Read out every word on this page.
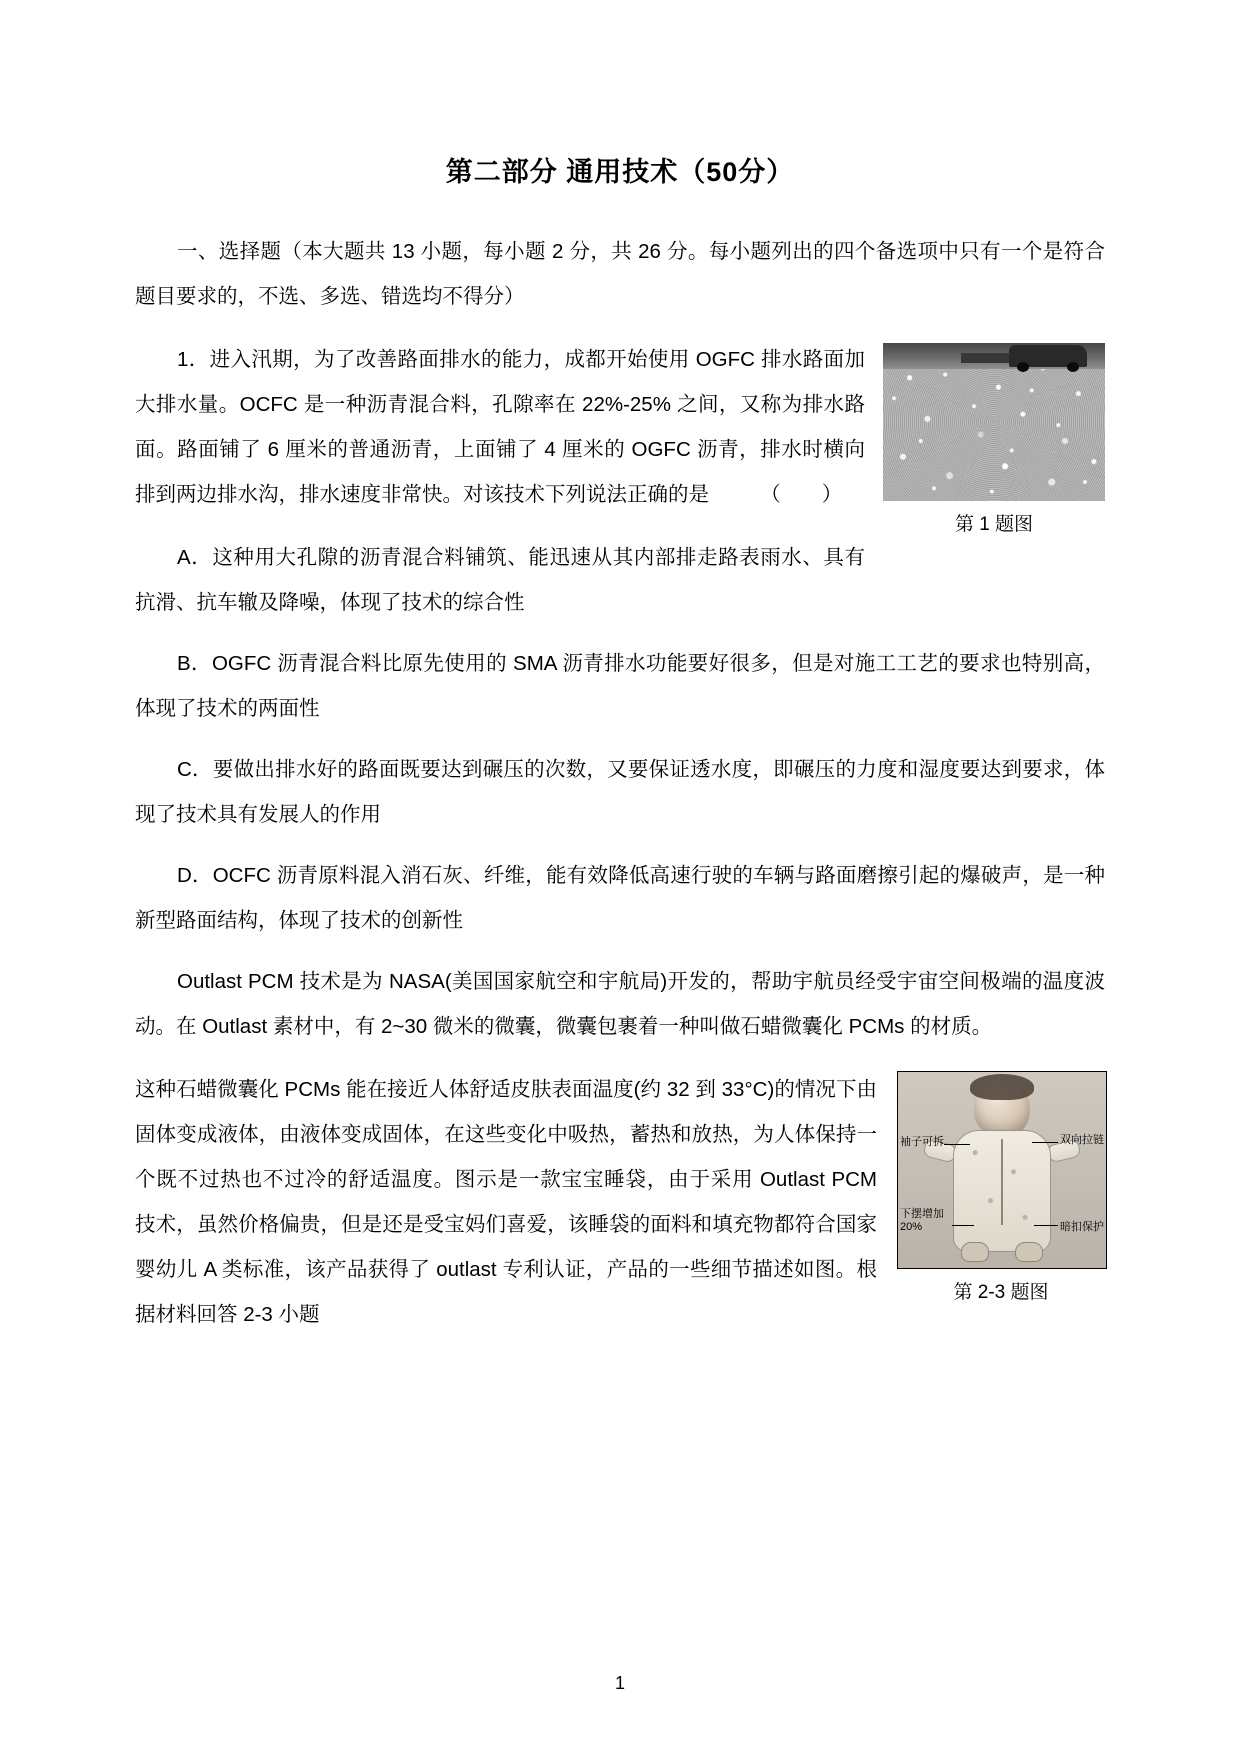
第二部分 通用技术（50分）

一、选择题（本大题共 13 小题，每小题 2 分，共 26 分。每小题列出的四个备选项中只有一个是符合题目要求的，不选、多选、错选均不得分）

第 1 题图

1．进入汛期，为了改善路面排水的能力，成都开始使用 OGFC 排水路面加大排水量。OCFC 是一种沥青混合料，孔隙率在 22%-25% 之间，又称为排水路面。路面铺了 6 厘米的普通沥青，上面铺了 4 厘米的 OGFC 沥青，排水时横向排到两边排水沟，排水速度非常快。对该技术下列说法正确的是　　　（　　）

A．这种用大孔隙的沥青混合料铺筑、能迅速从其内部排走路表雨水、具有抗滑、抗车辙及降噪，体现了技术的综合性

B．OGFC 沥青混合料比原先使用的 SMA 沥青排水功能要好很多，但是对施工工艺的要求也特别高，体现了技术的两面性

C．要做出排水好的路面既要达到碾压的次数，又要保证透水度，即碾压的力度和湿度要达到要求，体现了技术具有发展人的作用

D．OCFC 沥青原料混入消石灰、纤维，能有效降低高速行驶的车辆与路面磨擦引起的爆破声，是一种新型路面结构，体现了技术的创新性

Outlast PCM 技术是为 NASA(美国国家航空和宇航局)开发的，帮助宇航员经受宇宙空间极端的温度波动。在 Outlast 素材中，有 2~30 微米的微囊，微囊包裹着一种叫做石蜡微囊化 PCMs 的材质。

袖子可拆	双向拉链
下摆增加20%	暗扣保护
第 2-3 题图

这种石蜡微囊化 PCMs 能在接近人体舒适皮肤表面温度(约 32 到 33°C)的情况下由固体变成液体，由液体变成固体，在这些变化中吸热，蓄热和放热，为人体保持一个既不过热也不过冷的舒适温度。图示是一款宝宝睡袋，由于采用 Outlast PCM 技术，虽然价格偏贵，但是还是受宝妈们喜爱，该睡袋的面料和填充物都符合国家婴幼儿 A 类标准，该产品获得了 outlast 专利认证，产品的一些细节描述如图。根据材料回答 2-3 小题

1
